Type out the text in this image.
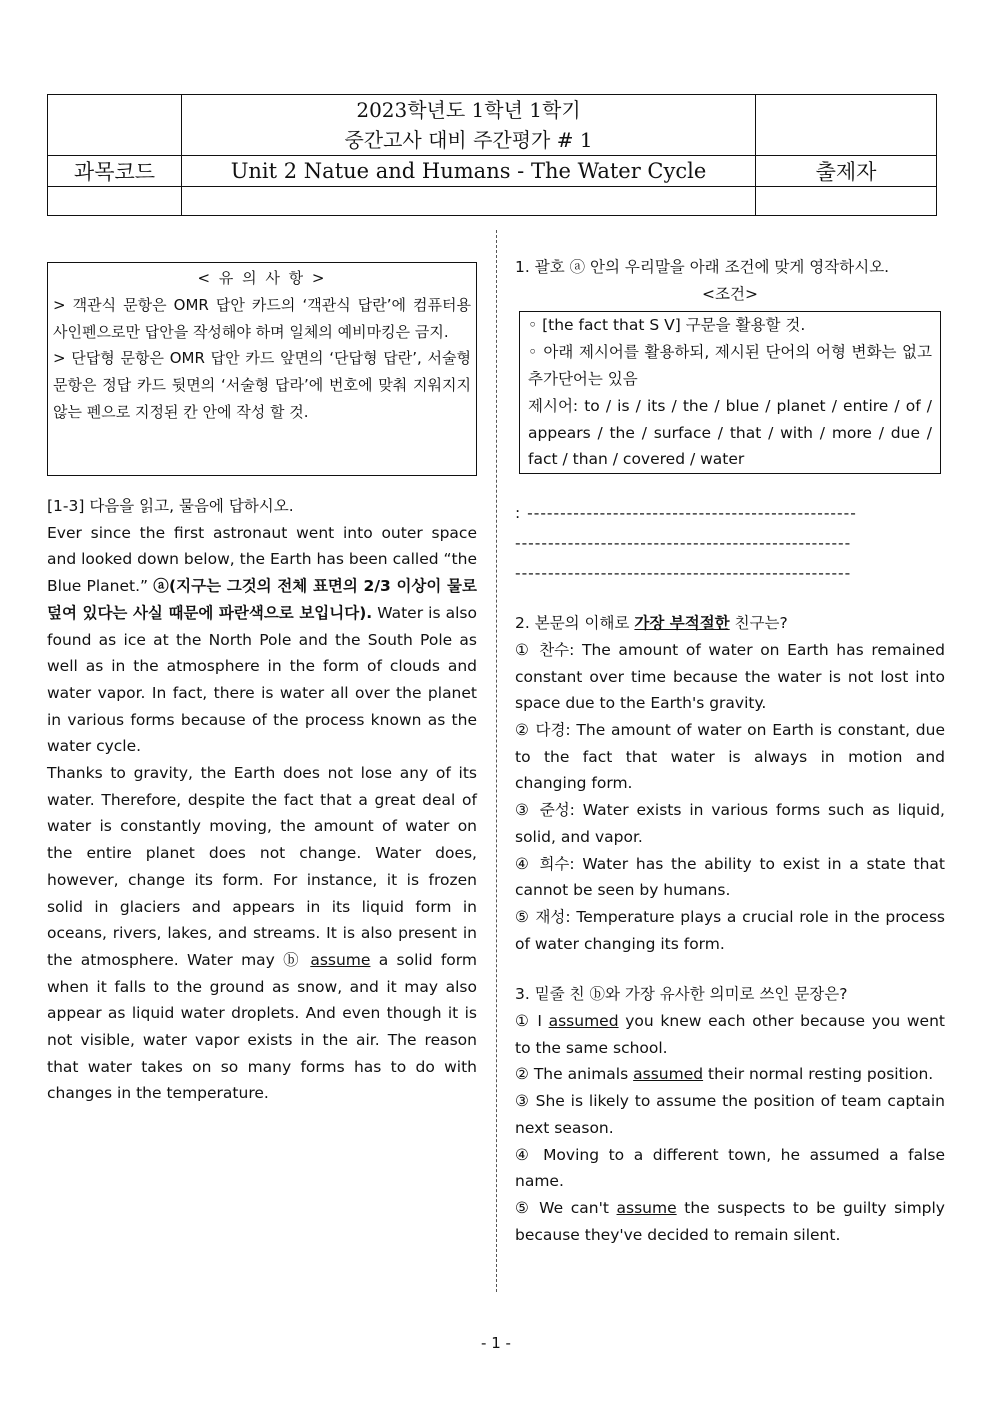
	2023학년도 1학년 1학기
중간고사 대비 주간평가 # 1	

과목코드	Unit 2 Natue and Humans - The Water Cycle	출제자

< 유 의 사 항 >

> 객관식 문항은 OMR 답안 카드의 ‘객관식 답란’에 컴퓨터용 사인펜으로만 답안을 작성해야 하며 일체의 예비마킹은 금지.

> 단답형 문항은 OMR 답안 카드 앞면의 ‘단답형 답란’, 서술형 문항은 정답 카드 뒷면의 ‘서술형 답라’에 번호에 맞춰 지워지지 않는 펜으로 지정된 칸 안에 작성 할 것.

[1-3] 다음을 읽고, 물음에 답하시오.

Ever since the first astronaut went into outer space and looked down below, the Earth has been called “the Blue Planet.” ⓐ(지구는 그것의 전체 표면의 2/3 이상이 물로 덮여 있다는 사실 때문에 파란색으로 보입니다). Water is also found as ice at the North Pole and the South Pole as well as in the atmosphere in the form of clouds and water vapor. In fact, there is water all over the planet in various forms because of the process known as the water cycle.

Thanks to gravity, the Earth does not lose any of its water. Therefore, despite the fact that a great deal of water is constantly moving, the amount of water on the entire planet does not change. Water does, however, change its form. For instance, it is frozen solid in glaciers and appears in its liquid form in oceans, rivers, lakes, and streams. It is also present in the atmosphere. Water may ⓑ assume a solid form when it falls to the ground as snow, and it may also appear as liquid water droplets. And even though it is not visible, water vapor exists in the air. The reason that water takes on so many forms has to do with changes in the temperature.

1. 괄호 ⓐ 안의 우리말을 아래 조건에 맞게 영작하시오.

<조건>

◦ [the fact that S V] 구문을 활용할 것.

◦ 아래 제시어를 활용하되, 제시된 단어의 어형 변화는 없고 추가단어는 있음

제시어: to / is / its / the / blue / planet / entire / of / appears / the / surface / that / with / more / due / fact / than / covered / water

: --------------------------------------------------
---------------------------------------------------
---------------------------------------------------

2. 본문의 이해로 가장 부적절한 친구는?

① 찬수: The amount of water on Earth has remained constant over time because the water is not lost into space due to the Earth's gravity.

② 다경: The amount of water on Earth is constant, due to the fact that water is always in motion and changing form.

③ 준성: Water exists in various forms such as liquid, solid, and vapor.

④ 희수: Water has the ability to exist in a state that cannot be seen by humans.

⑤ 재성: Temperature plays a crucial role in the process of water changing its form.

3. 밑줄 친 ⓑ와 가장 유사한 의미로 쓰인 문장은?

① I assumed you knew each other because you went to the same school.

② The animals assumed their normal resting position.

③ She is likely to assume the position of team captain next season.

④ Moving to a different town, he assumed a false name.

⑤ We can't assume the suspects to be guilty simply because they've decided to remain silent.

- 1 -
